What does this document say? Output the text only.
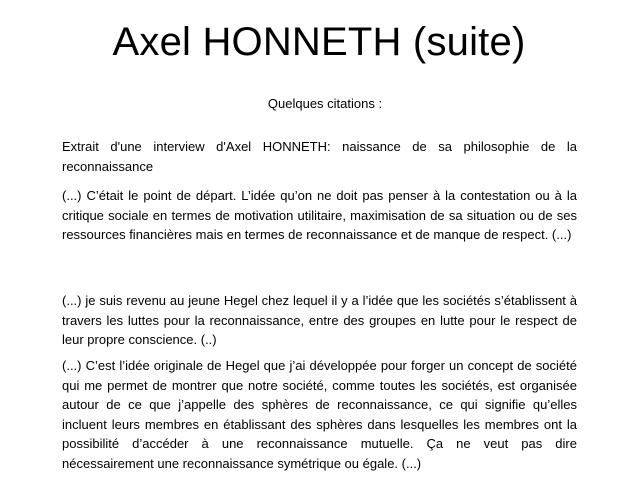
Axel HONNETH (suite)

Quelques citations :

Extrait d'une interview d'Axel HONNETH: naissance de sa philosophie de la reconnaissance

(...) C’était le point de départ. L’idée qu’on ne doit pas penser à la contestation ou à la critique sociale en termes de motivation utilitaire, maximisation de sa situation ou de ses ressources financières mais en termes de reconnaissance et de manque de respect. (...)

(...) je suis revenu au jeune Hegel chez lequel il y a l’idée que les sociétés s’établissent à travers les luttes pour la reconnaissance, entre des groupes en lutte pour le respect de leur propre conscience. (..)

(...) C’est l’idée originale de Hegel que j’ai développée pour forger un concept de société qui me permet de montrer que notre société, comme toutes les sociétés, est organisée autour de ce que j’appelle des sphères de reconnaissance, ce qui signifie qu’elles incluent leurs membres en établissant des sphères dans lesquelles les membres ont la possibilité d’accéder à une reconnaissance mutuelle. Ça ne veut pas dire nécessairement une reconnaissance symétrique ou égale. (...)
